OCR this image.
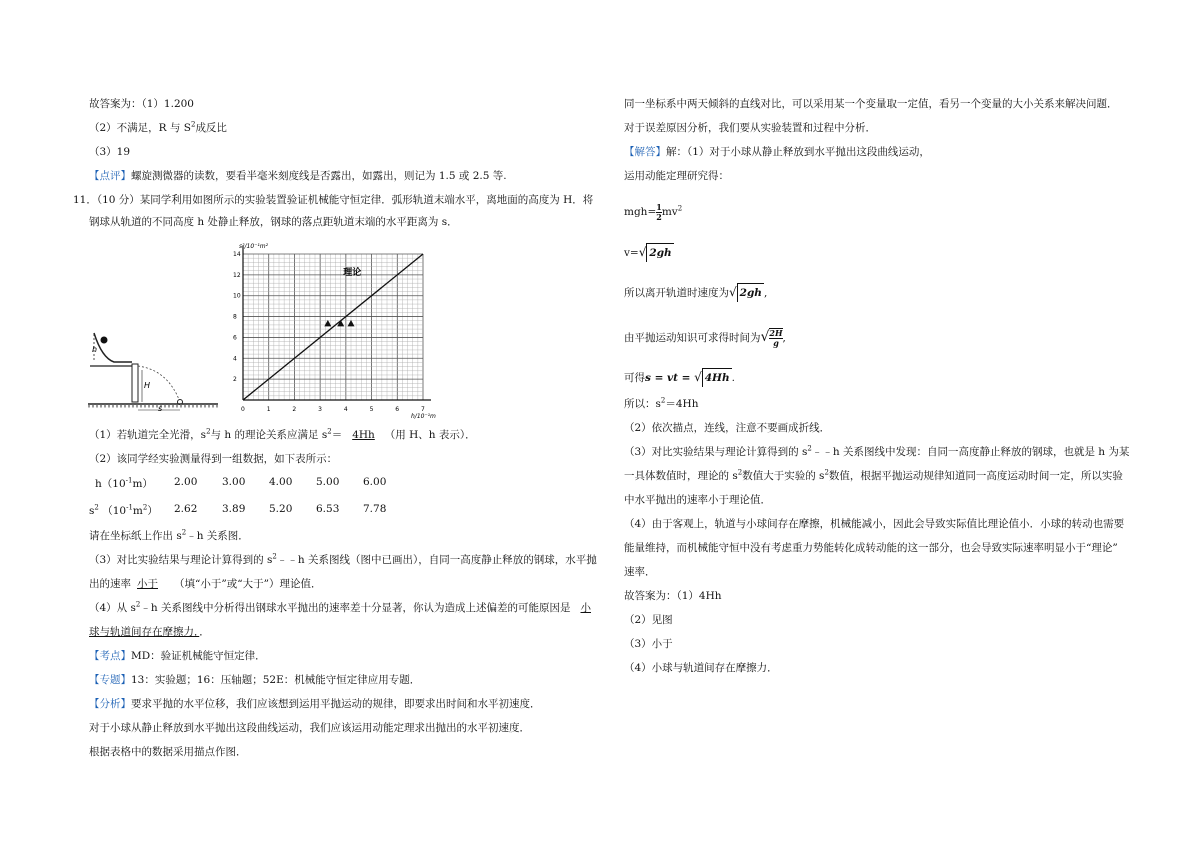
故答案为：（1）1.200
（2）不满足，R 与 $S^2$成反比
（3）19
【点评】螺旋测微器的读数，要看半毫米刻度线是否露出，如露出，则记为 1.5 或 2.5 等.
11．（10 分）某同学利用如图所示的实验装置验证机械能守恒定律．弧形轨道末端水平，离地面的高度为 H．将
钢球从轨道的不同高度 h 处静止释放，钢球的落点距轨道末端的水平距离为 s．
h
H
s	0	1	2	3	4	5	6	7
2
4
6
8
10
12
14
s²/10⁻¹m²
h/10⁻¹m
理论
（1）若轨道完全光滑，$s^2$与 h 的理论关系应满足 $s^2= 4Hh$ （用 H、h 表示）．
（2）该同学经实验测量得到一组数据，如下表所示：
$h(10^{-1}m)$ 2.00 3.00 4.00 5.00 6.00
$s^2$ $(10^{-1}m^2)$ 2.62 3.89 5.20 6.53 7.78
请在坐标纸上作出 $s^2﹣h$ 关系图．
（3）对比实验结果与理论计算得到的 $s^2﹣﹣h$ 关系图线（图中已画出），自同一高度静止释放的钢球，水平抛
出的速率 小于 （填“小于”或“大于”）理论值．
（4）从 $s^2﹣h$ 关系图线中分析得出钢球水平抛出的速率差十分显著，你认为造成上述偏差的可能原因是 小
球与轨道间存在摩擦力．．
【考点】MD：验证机械能守恒定律．
【专题】13：实验题；16：压轴题；52E：机械能守恒定律应用专题．
【分析】要求平抛的水平位移，我们应该想到运用平抛运动的规律，即要求出时间和水平初速度．
对于小球从静止释放到水平抛出这段曲线运动，我们应该运用动能定理求出抛出的水平初速度．
根据表格中的数据采用描点作图．
同一坐标系中两天倾斜的直线对比，可以采用某一个变量取一定值，看另一个变量的大小关系来解决问题．
对于误差原因分析，我们要从实验装置和过程中分析．
【解答】解：（1）对于小球从静止释放到水平抛出这段曲线运动，
运用动能定理研究得：
$mgh= \frac{1}{2}mv^2$
v=√ 2gh
所以离开轨道时速度为√ 2gh ,
由平抛运动知识可求得时间为√ $\frac{2H}{g}$,
可得s = vt = √ 4Hh .
所以：$s^2=4Hh$
（2）依次描点，连线，注意不要画成折线．
（3）对比实验结果与理论计算得到的 $s^2﹣﹣h$ 关系图线中发现：自同一高度静止释放的钢球，也就是 h 为某
一具体数值时，理论的 $s^2$数值大于实验的 $s^2$数值，根据平抛运动规律知道同一高度运动时间一定，所以实验
中水平抛出的速率小于理论值．
（4）由于客观上，轨道与小球间存在摩擦，机械能减小，因此会导致实际值比理论值小．小球的转动也需要
能量维持，而机械能守恒中没有考虑重力势能转化成转动能的这一部分，也会导致实际速率明显小于“理论”
速率．
故答案为：（1）4Hh
（2）见图
（3）小于
（4）小球与轨道间存在摩擦力．
